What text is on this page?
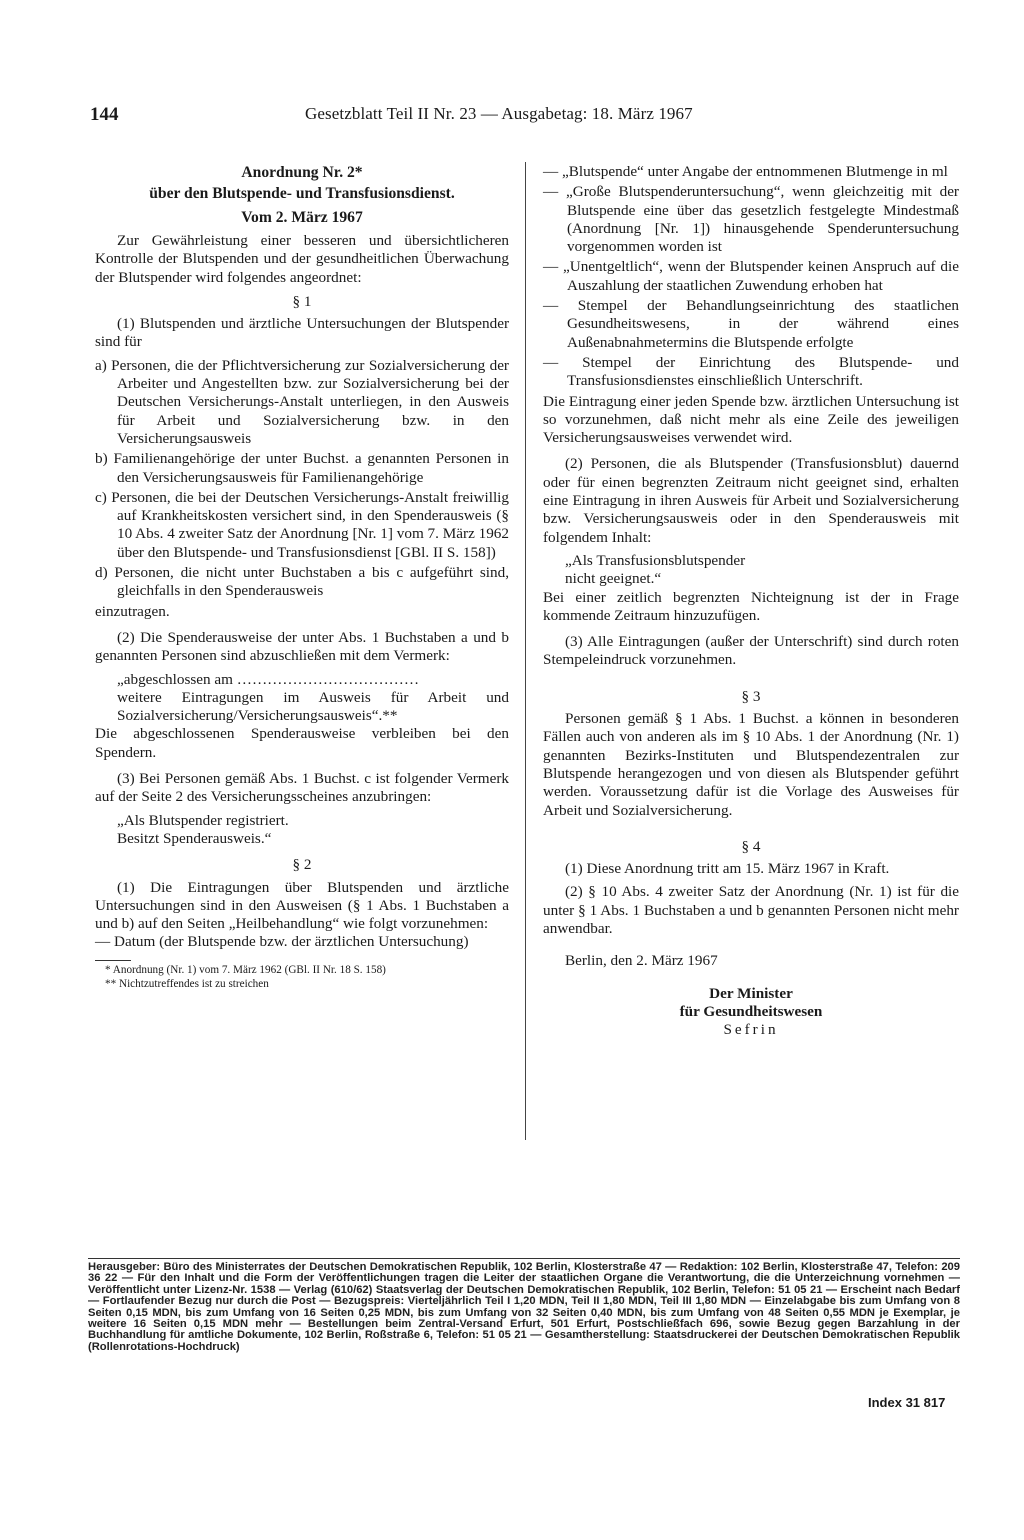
144	Gesetzblatt Teil II Nr. 23 — Ausgabetag: 18. März 1967

Anordnung Nr. 2*

über den Blutspende- und Transfusionsdienst.

Vom 2. März 1967

Zur Gewährleistung einer besseren und übersichtlicheren Kontrolle der Blutspenden und der gesundheitlichen Überwachung der Blutspender wird folgendes angeordnet:

§ 1

(1) Blutspenden und ärztliche Untersuchungen der Blutspender sind für

a) Personen, die der Pflichtversicherung zur Sozialversicherung der Arbeiter und Angestellten bzw. zur Sozialversicherung bei der Deutschen Versicherungs-Anstalt unterliegen, in den Ausweis für Arbeit und Sozialversicherung bzw. in den Versicherungsausweis

b) Familienangehörige der unter Buchst. a genannten Personen in den Versicherungsausweis für Familienangehörige

c) Personen, die bei der Deutschen Versicherungs-Anstalt freiwillig auf Krankheitskosten versichert sind, in den Spenderausweis (§ 10 Abs. 4 zweiter Satz der Anordnung [Nr. 1] vom 7. März 1962 über den Blutspende- und Transfusionsdienst [GBl. II S. 158])

d) Personen, die nicht unter Buchstaben a bis c aufgeführt sind, gleichfalls in den Spenderausweis

einzutragen.

(2) Die Spenderausweise der unter Abs. 1 Buchstaben a und b genannten Personen sind abzuschließen mit dem Vermerk:

„abgeschlossen am ………………………………

weitere Eintragungen im Ausweis für Arbeit und Sozialversicherung/Versicherungsausweis“.**

Die abgeschlossenen Spenderausweise verbleiben bei den Spendern.

(3) Bei Personen gemäß Abs. 1 Buchst. c ist folgender Vermerk auf der Seite 2 des Versicherungsscheines anzubringen:

„Als Blutspender registriert.

Besitzt Spenderausweis.“

§ 2

(1) Die Eintragungen über Blutspenden und ärztliche Untersuchungen sind in den Ausweisen (§ 1 Abs. 1 Buchstaben a und b) auf den Seiten „Heilbehandlung“ wie folgt vorzunehmen:

— Datum (der Blutspende bzw. der ärztlichen Untersuchung)

* Anordnung (Nr. 1) vom 7. März 1962 (GBl. II Nr. 18 S. 158)

** Nichtzutreffendes ist zu streichen

— „Blutspende“ unter Angabe der entnommenen Blutmenge in ml

— „Große Blutspenderuntersuchung“, wenn gleichzeitig mit der Blutspende eine über das gesetzlich festgelegte Mindestmaß (Anordnung [Nr. 1]) hinausgehende Spenderuntersuchung vorgenommen worden ist

— „Unentgeltlich“, wenn der Blutspender keinen Anspruch auf die Auszahlung der staatlichen Zuwendung erhoben hat

— Stempel der Behandlungseinrichtung des staatlichen Gesundheitswesens, in der während eines Außenabnahmetermins die Blutspende erfolgte

— Stempel der Einrichtung des Blutspende- und Transfusionsdienstes einschließlich Unterschrift.

Die Eintragung einer jeden Spende bzw. ärztlichen Untersuchung ist so vorzunehmen, daß nicht mehr als eine Zeile des jeweiligen Versicherungsausweises verwendet wird.

(2) Personen, die als Blutspender (Transfusionsblut) dauernd oder für einen begrenzten Zeitraum nicht geeignet sind, erhalten eine Eintragung in ihren Ausweis für Arbeit und Sozialversicherung bzw. Versicherungsausweis oder in den Spenderausweis mit folgendem Inhalt:

„Als Transfusionsblutspender

nicht geeignet.“

Bei einer zeitlich begrenzten Nichteignung ist der in Frage kommende Zeitraum hinzuzufügen.

(3) Alle Eintragungen (außer der Unterschrift) sind durch roten Stempeleindruck vorzunehmen.

§ 3

Personen gemäß § 1 Abs. 1 Buchst. a können in besonderen Fällen auch von anderen als im § 10 Abs. 1 der Anordnung (Nr. 1) genannten Bezirks-Instituten und Blutspendezentralen zur Blutspende herangezogen und von diesen als Blutspender geführt werden. Voraussetzung dafür ist die Vorlage des Ausweises für Arbeit und Sozialversicherung.

§ 4

(1) Diese Anordnung tritt am 15. März 1967 in Kraft.

(2) § 10 Abs. 4 zweiter Satz der Anordnung (Nr. 1) ist für die unter § 1 Abs. 1 Buchstaben a und b genannten Personen nicht mehr anwendbar.

Berlin, den 2. März 1967

Der Minister

für Gesundheitswesen

Sefrin

Herausgeber: Büro des Ministerrates der Deutschen Demokratischen Republik, 102 Berlin, Klosterstraße 47 — Redaktion: 102 Berlin, Klosterstraße 47, Telefon: 209 36 22 — Für den Inhalt und die Form der Veröffentlichungen tragen die Leiter der staatlichen Organe die Verantwortung, die die Unterzeichnung vornehmen — Veröffentlicht unter Lizenz-Nr. 1538 — Verlag (610/62) Staatsverlag der Deutschen Demokratischen Republik, 102 Berlin, Telefon: 51 05 21 — Erscheint nach Bedarf — Fortlaufender Bezug nur durch die Post — Bezugspreis: Vierteljährlich Teil I 1,20 MDN, Teil II 1,80 MDN, Teil III 1,80 MDN — Einzelabgabe bis zum Umfang von 8 Seiten 0,15 MDN, bis zum Umfang von 16 Seiten 0,25 MDN, bis zum Umfang von 32 Seiten 0,40 MDN, bis zum Umfang von 48 Seiten 0,55 MDN je Exemplar, je weitere 16 Seiten 0,15 MDN mehr — Bestellungen beim Zentral-Versand Erfurt, 501 Erfurt, Postschließfach 696, sowie Bezug gegen Barzahlung in der Buchhandlung für amtliche Dokumente, 102 Berlin, Roßstraße 6, Telefon: 51 05 21 — Gesamtherstellung: Staatsdruckerei der Deutschen Demokratischen Republik (Rollenrotations-Hochdruck)

Index 31 817
